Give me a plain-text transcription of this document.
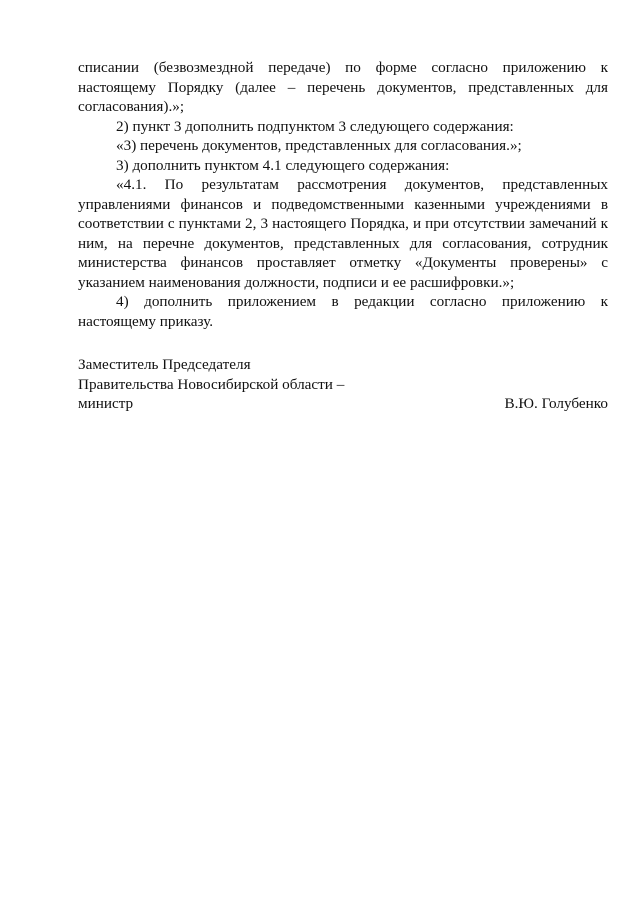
списании (безвозмездной передаче) по форме согласно приложению к настоящему Порядку (далее – перечень документов, представленных для согласования).»;

2) пункт 3 дополнить подпунктом 3 следующего содержания:

«3) перечень документов, представленных для согласования.»;

3) дополнить пунктом 4.1 следующего содержания:

«4.1. По результатам рассмотрения документов, представленных управлениями финансов и подведомственными казенными учреждениями в соответствии с пунктами 2, 3 настоящего Порядка, и при отсутствии замечаний к ним, на перечне документов, представленных для согласования, сотрудник министерства финансов проставляет отметку «Документы проверены» с указанием наименования должности, подписи и ее расшифровки.»;

4) дополнить приложением в редакции согласно приложению к настоящему приказу.

Заместитель Председателя

Правительства Новосибирской области –

министр	В.Ю. Голубенко
